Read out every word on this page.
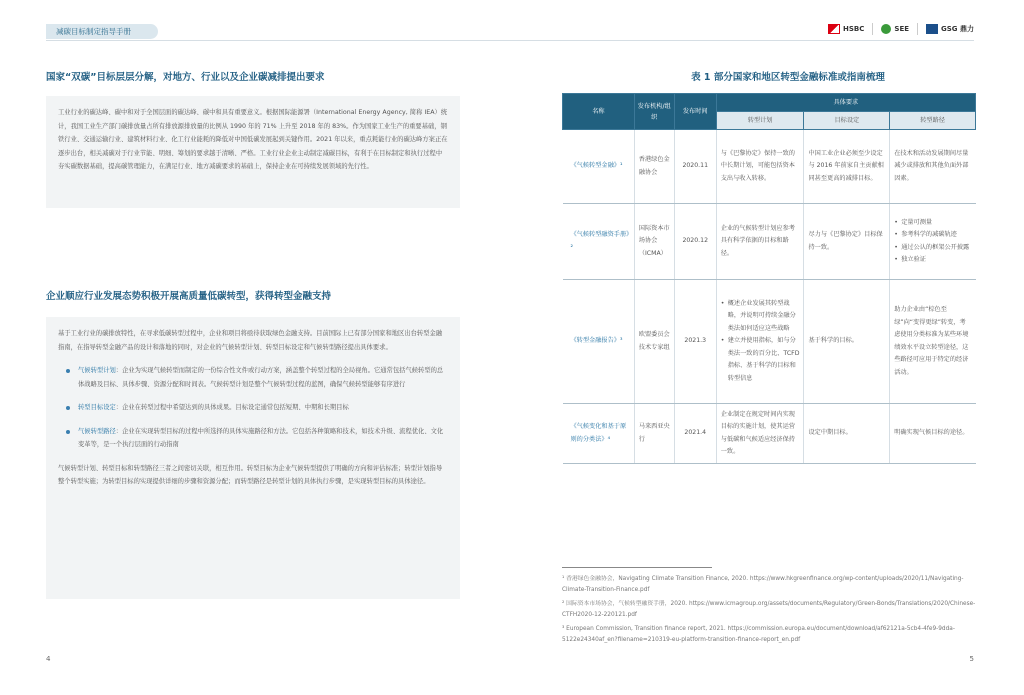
减碳目标制定指导手册
国家“双碳”目标层层分解，对地方、行业以及企业碳减排提出要求

工业行业的碳达峰、碳中和对于全国层面的碳达峰、碳中和具有重要意义。根据国际能源署（International Energy Agency, 简称 IEA）统计，我国工业生产部门碳排放量占所有排放源排放量的比例从 1990 年的 71% 上升至 2018 年的 83%。作为国家工业生产的重要基础，钢铁行业、交通运输行业、建筑材料行业、化工行业能耗的降低对中国低碳发展起到关键作用。2021 年以来，重点耗能行业的碳达峰方案正在逐步出台，相关减碳对于行业节能、明细、筹划的要求越于清晰、严格。工业行业企业主动制定减碳目标，有利于在目标制定和执行过程中夯实碳数据基础，提高碳管理能力，在满足行业、地方减碳要求的基础上，保持企业在可持续发展领域的先行性。

企业顺应行业发展态势积极开展高质量低碳转型，获得转型金融支持

基于工业行业的碳排放特性，在寻求低碳转型过程中，企业和项目将亟待获取绿色金融支持。目前国际上已有部分国家和地区出台转型金融指南，在指导转型金融产品的设计和落地的同时，对企业的气候转型计划、转型目标设定和气候转型路径提出具体要求。

气候转型计划：企业为实现气候转型而制定的一份综合性文件或行动方案，涵盖整个转型过程的全局视角。它通常包括气候转型的总体战略及目标、具体步骤、资源分配和时间表。气候转型计划是整个气候转型过程的蓝图，确保气候转型能够有序进行
转型目标设定：企业在转型过程中希望达到的具体成果。目标设定通常包括短期、中期和长期目标
气候转型路径：企业在实现转型目标的过程中所选择的具体实施路径和方法。它包括各种策略和技术，如技术升级、流程优化、文化变革等，是一个执行层面的行动指南

气候转型计划、转型目标和转型路径三者之间密切关联，相互作用。转型目标为企业气候转型提供了明确的方向和评估标准；转型计划指导整个转型实施；为转型目标的实现提供详细的步骤和资源分配；而转型路径是转型计划的具体执行步骤，是实现转型目标的具体途径。

4
HSBC	SEE	GSG 鼎力
表 1 部分国家和地区转型金融标准或指南梳理
名称	发布机构/组织	发布时间	具体要求		
			转型计划	目标设定	转型路径
《气候转型金融》¹	香港绿色金融协会	2020.11	与《巴黎协定》保持一致的中长期计划，可能包括资本支出与收入转移。	中国工业企业必须至少设定与 2016 年前家自主贡献相同甚至更高的减排目标。	在技术和活动发展期间尽量减少或排放和其他负面外部因素。

《气候转型融资手册》²	国际资本市场协会（ICMA）	2020.12	企业的气候转型计划应参考具有科学依据的目标和路径。	尽力与《巴黎协定》目标保持一致。	• 定量可测量
• 参考科学的减碳轨迹
• 通过公认的框架公开披露
• 独立验证

《转型金融报告》³	欧盟委员会技术专家组	2021.3	• 概述企业发展其转型战略，并说明可持续金融分类法如何适应这些战略
• 建立并使用指标，如与分类法一致的百分比、TCFD 指标、基于科学的目标和转型信息	基于科学的目标。	助力企业由“棕色至绿”向“变得更绿”转变，考虑使用分类标准为某些环境绩效水平设立转型途径，这些路径可应用于特定的经济活动。

《气候变化和基于原则的分类法》⁴	马来西亚央行	2021.4	企业制定在规定时间内实现目标的实施计划，使其运营与低碳和气候适应经济保持一致。	设定中期目标。	明确实现气候目标的途径。

¹ 香港绿色金融协会，Navigating Climate Transition Finance, 2020. https://www.hkgreenfinance.org/wp-content/uploads/2020/11/Navigating-Climate-Transition-Finance.pdf

² 国际资本市场协会，气候转型融资手册，2020. https://www.icmagroup.org/assets/documents/Regulatory/Green-Bonds/Translations/2020/Chinese-CTFH2020-12-220121.pdf

³ European Commission, Transition finance report, 2021. https://commission.europa.eu/document/download/af62121a-5cb4-4fe9-9dda-5122e24340af_en?filename=210319-eu-platform-transition-finance-report_en.pdf

5
